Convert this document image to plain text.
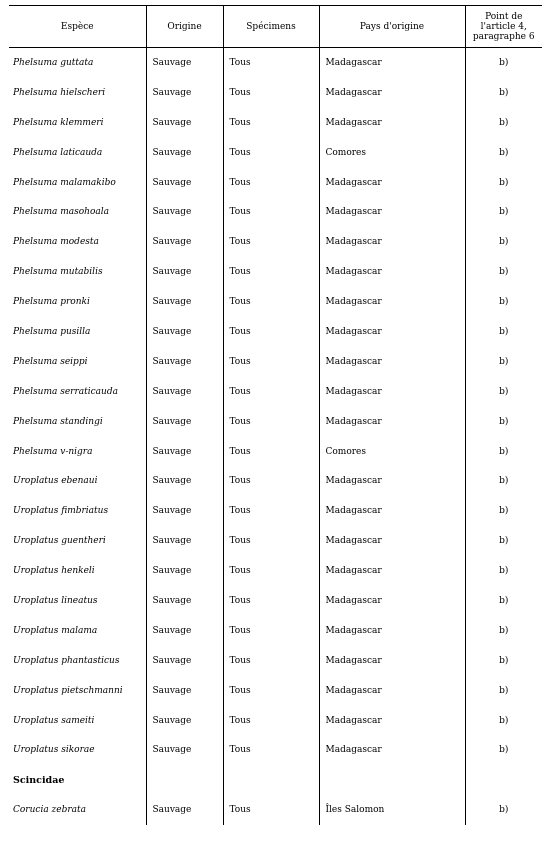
Espèce	Origine	Spécimens	Pays d'origine	Point de
l'article 4,
paragraphe 6

Phelsuma guttata	Sauvage	Tous	Madagascar	b)
Phelsuma hielscheri	Sauvage	Tous	Madagascar	b)
Phelsuma klemmeri	Sauvage	Tous	Madagascar	b)
Phelsuma laticauda	Sauvage	Tous	Comores	b)
Phelsuma malamakibo	Sauvage	Tous	Madagascar	b)
Phelsuma masohoala	Sauvage	Tous	Madagascar	b)
Phelsuma modesta	Sauvage	Tous	Madagascar	b)
Phelsuma mutabilis	Sauvage	Tous	Madagascar	b)
Phelsuma pronki	Sauvage	Tous	Madagascar	b)
Phelsuma pusilla	Sauvage	Tous	Madagascar	b)
Phelsuma seippi	Sauvage	Tous	Madagascar	b)
Phelsuma serraticauda	Sauvage	Tous	Madagascar	b)
Phelsuma standingi	Sauvage	Tous	Madagascar	b)
Phelsuma v-nigra	Sauvage	Tous	Comores	b)
Uroplatus ebenaui	Sauvage	Tous	Madagascar	b)
Uroplatus fimbriatus	Sauvage	Tous	Madagascar	b)
Uroplatus guentheri	Sauvage	Tous	Madagascar	b)
Uroplatus henkeli	Sauvage	Tous	Madagascar	b)
Uroplatus lineatus	Sauvage	Tous	Madagascar	b)
Uroplatus malama	Sauvage	Tous	Madagascar	b)
Uroplatus phantasticus	Sauvage	Tous	Madagascar	b)
Uroplatus pietschmanni	Sauvage	Tous	Madagascar	b)
Uroplatus sameiti	Sauvage	Tous	Madagascar	b)
Uroplatus sikorae	Sauvage	Tous	Madagascar	b)
Scincidae				
Corucia zebrata	Sauvage	Tous	Îles Salomon	b)
